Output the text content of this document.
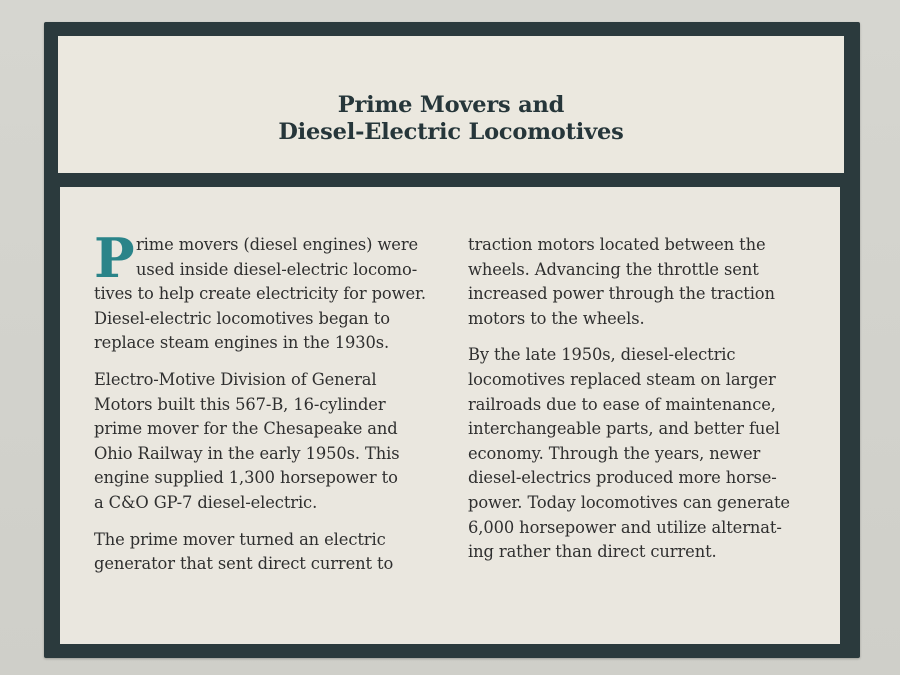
Prime Movers and
Diesel-Electric Locomotives
P rime movers (diesel engines) were
used inside diesel-electric locomo-
tives to help create electricity for power.
Diesel-electric locomotives began to
replace steam engines in the 1930s.
Electro-Motive Division of General
Motors built this 567-B, 16-cylinder
prime mover for the Chesapeake and
Ohio Railway in the early 1950s. This
engine supplied 1,300 horsepower to
a C&O GP-7 diesel-electric.
The prime mover turned an electric
generator that sent direct current to
traction motors located between the
wheels. Advancing the throttle sent
increased power through the traction
motors to the wheels.
By the late 1950s, diesel-electric
locomotives replaced steam on larger
railroads due to ease of maintenance,
interchangeable parts, and better fuel
economy. Through the years, newer
diesel-electrics produced more horse-
power. Today locomotives can generate
6,000 horsepower and utilize alternat-
ing rather than direct current.
